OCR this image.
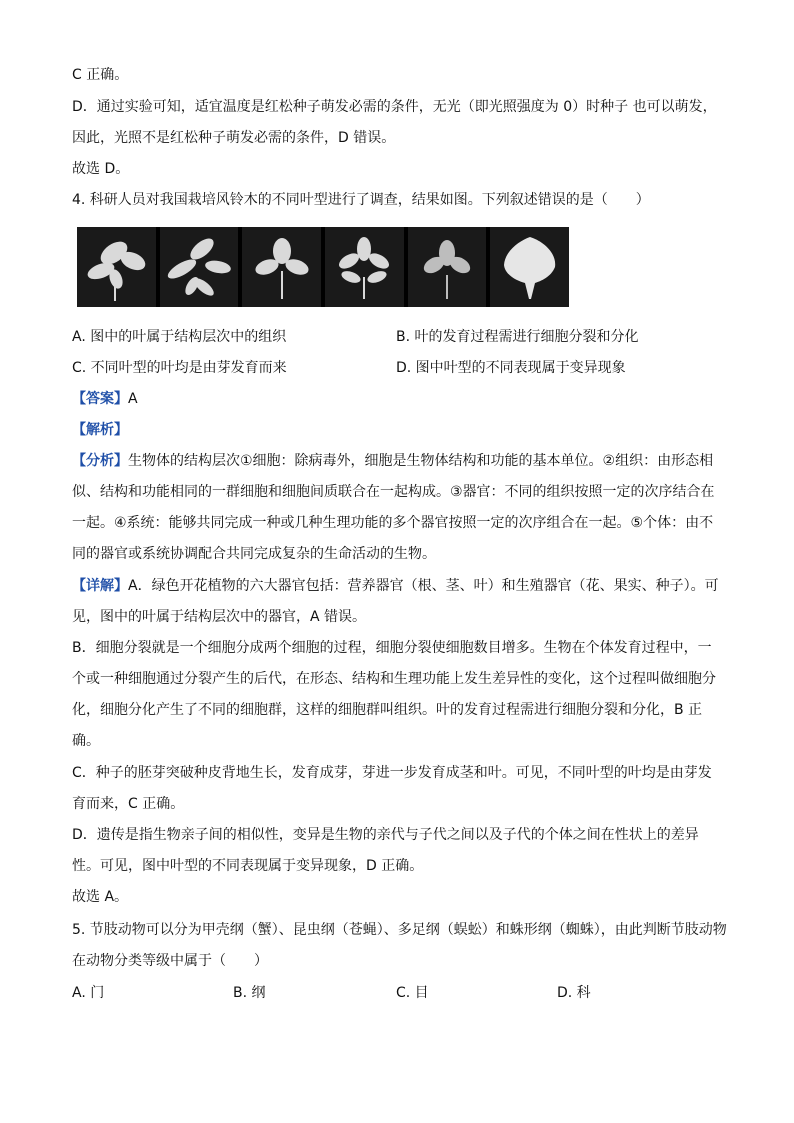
C 正确。
D．通过实验可知，适宜温度是红松种子萌发必需的条件，无光（即光照强度为 0）时种子 也可以萌发，
因此，光照不是红松种子萌发必需的条件，D 错误。
故选 D。
4. 科研人员对我国栽培风铃木的不同叶型进行了调查，结果如图。下列叙述错误的是（　　）
A. 图中的叶属于结构层次中的组织	B. 叶的发育过程需进行细胞分裂和分化
C. 不同叶型的叶均是由芽发育而来	D. 图中叶型的不同表现属于变异现象
【答案】A
【解析】
【分析】生物体的结构层次①细胞：除病毒外，细胞是生物体结构和功能的基本单位。②组织：由形态相
似、结构和功能相同的一群细胞和细胞间质联合在一起构成。③器官：不同的组织按照一定的次序结合在
一起。④系统：能够共同完成一种或几种生理功能的多个器官按照一定的次序组合在一起。⑤个体：由不
同的器官或系统协调配合共同完成复杂的生命活动的生物。
【详解】A．绿色开花植物的六大器官包括：营养器官（根、茎、叶）和生殖器官（花、果实、种子）。可
见，图中的叶属于结构层次中的器官，A 错误。
B．细胞分裂就是一个细胞分成两个细胞的过程，细胞分裂使细胞数目增多。生物在个体发育过程中，一
个或一种细胞通过分裂产生的后代，在形态、结构和生理功能上发生差异性的变化，这个过程叫做细胞分
化，细胞分化产生了不同的细胞群，这样的细胞群叫组织。叶的发育过程需进行细胞分裂和分化，B 正
确。
C．种子的胚芽突破种皮背地生长，发育成芽，芽进一步发育成茎和叶。可见，不同叶型的叶均是由芽发
育而来，C 正确。
D．遗传是指生物亲子间的相似性，变异是生物的亲代与子代之间以及子代的个体之间在性状上的差异
性。可见，图中叶型的不同表现属于变异现象，D 正确。
故选 A。
5. 节肢动物可以分为甲壳纲（蟹）、昆虫纲（苍蝇）、多足纲（蜈蚣）和蛛形纲（蜘蛛），由此判断节肢动物
在动物分类等级中属于（　　）
A. 门	B. 纲	C. 目	D. 科
